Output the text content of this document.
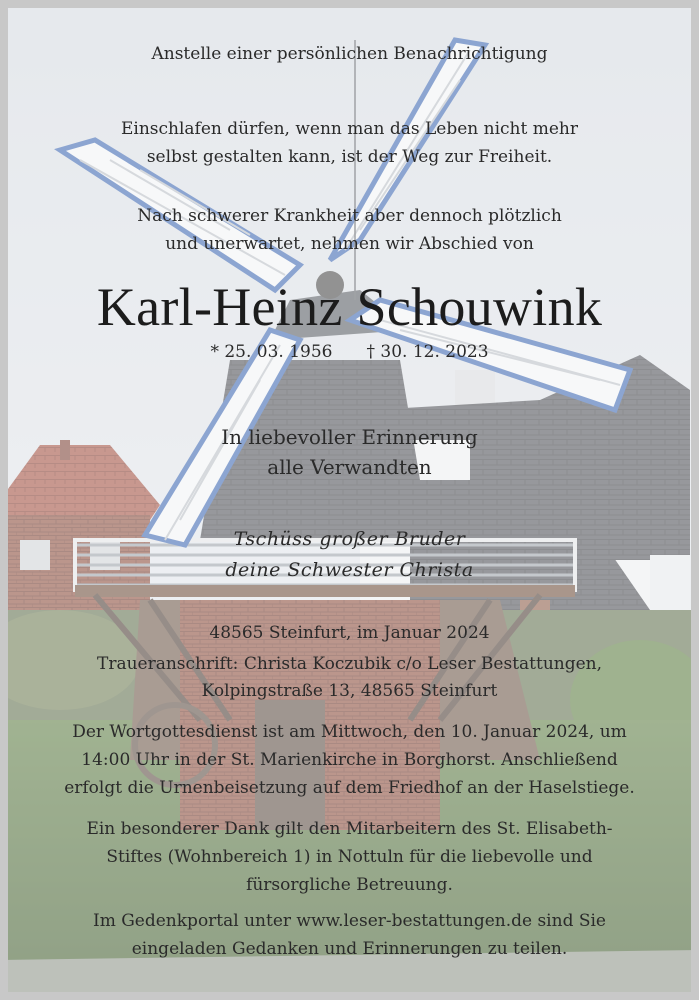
Anstelle einer persönlichen Benachrichtigung
Einschlafen dürfen, wenn man das Leben nicht mehr
selbst gestalten kann, ist der Weg zur Freiheit.
Nach schwerer Krankheit aber dennoch plötzlich
und unerwartet, nehmen wir Abschied von
Karl-Heinz Schouwink
* 25. 03. 1956 † 30. 12. 2023
In liebevoller Erinnerung
alle Verwandten
Tschüss großer Bruder
deine Schwester Christa
48565 Steinfurt, im Januar 2024
Traueranschrift: Christa Koczubik c/o Leser Bestattungen,
Kolpingstraße 13, 48565 Steinfurt
Der Wortgottesdienst ist am Mittwoch, den 10. Januar 2024, um
14:00 Uhr in der St. Marienkirche in Borghorst. Anschließend
erfolgt die Urnenbeisetzung auf dem Friedhof an der Haselstiege.
Ein besonderer Dank gilt den Mitarbeitern des St. Elisabeth-
Stiftes (Wohnbereich 1) in Nottuln für die liebevolle und
fürsorgliche Betreuung.
Im Gedenkportal unter www.leser-bestattungen.de sind Sie
eingeladen Gedanken und Erinnerungen zu teilen.
